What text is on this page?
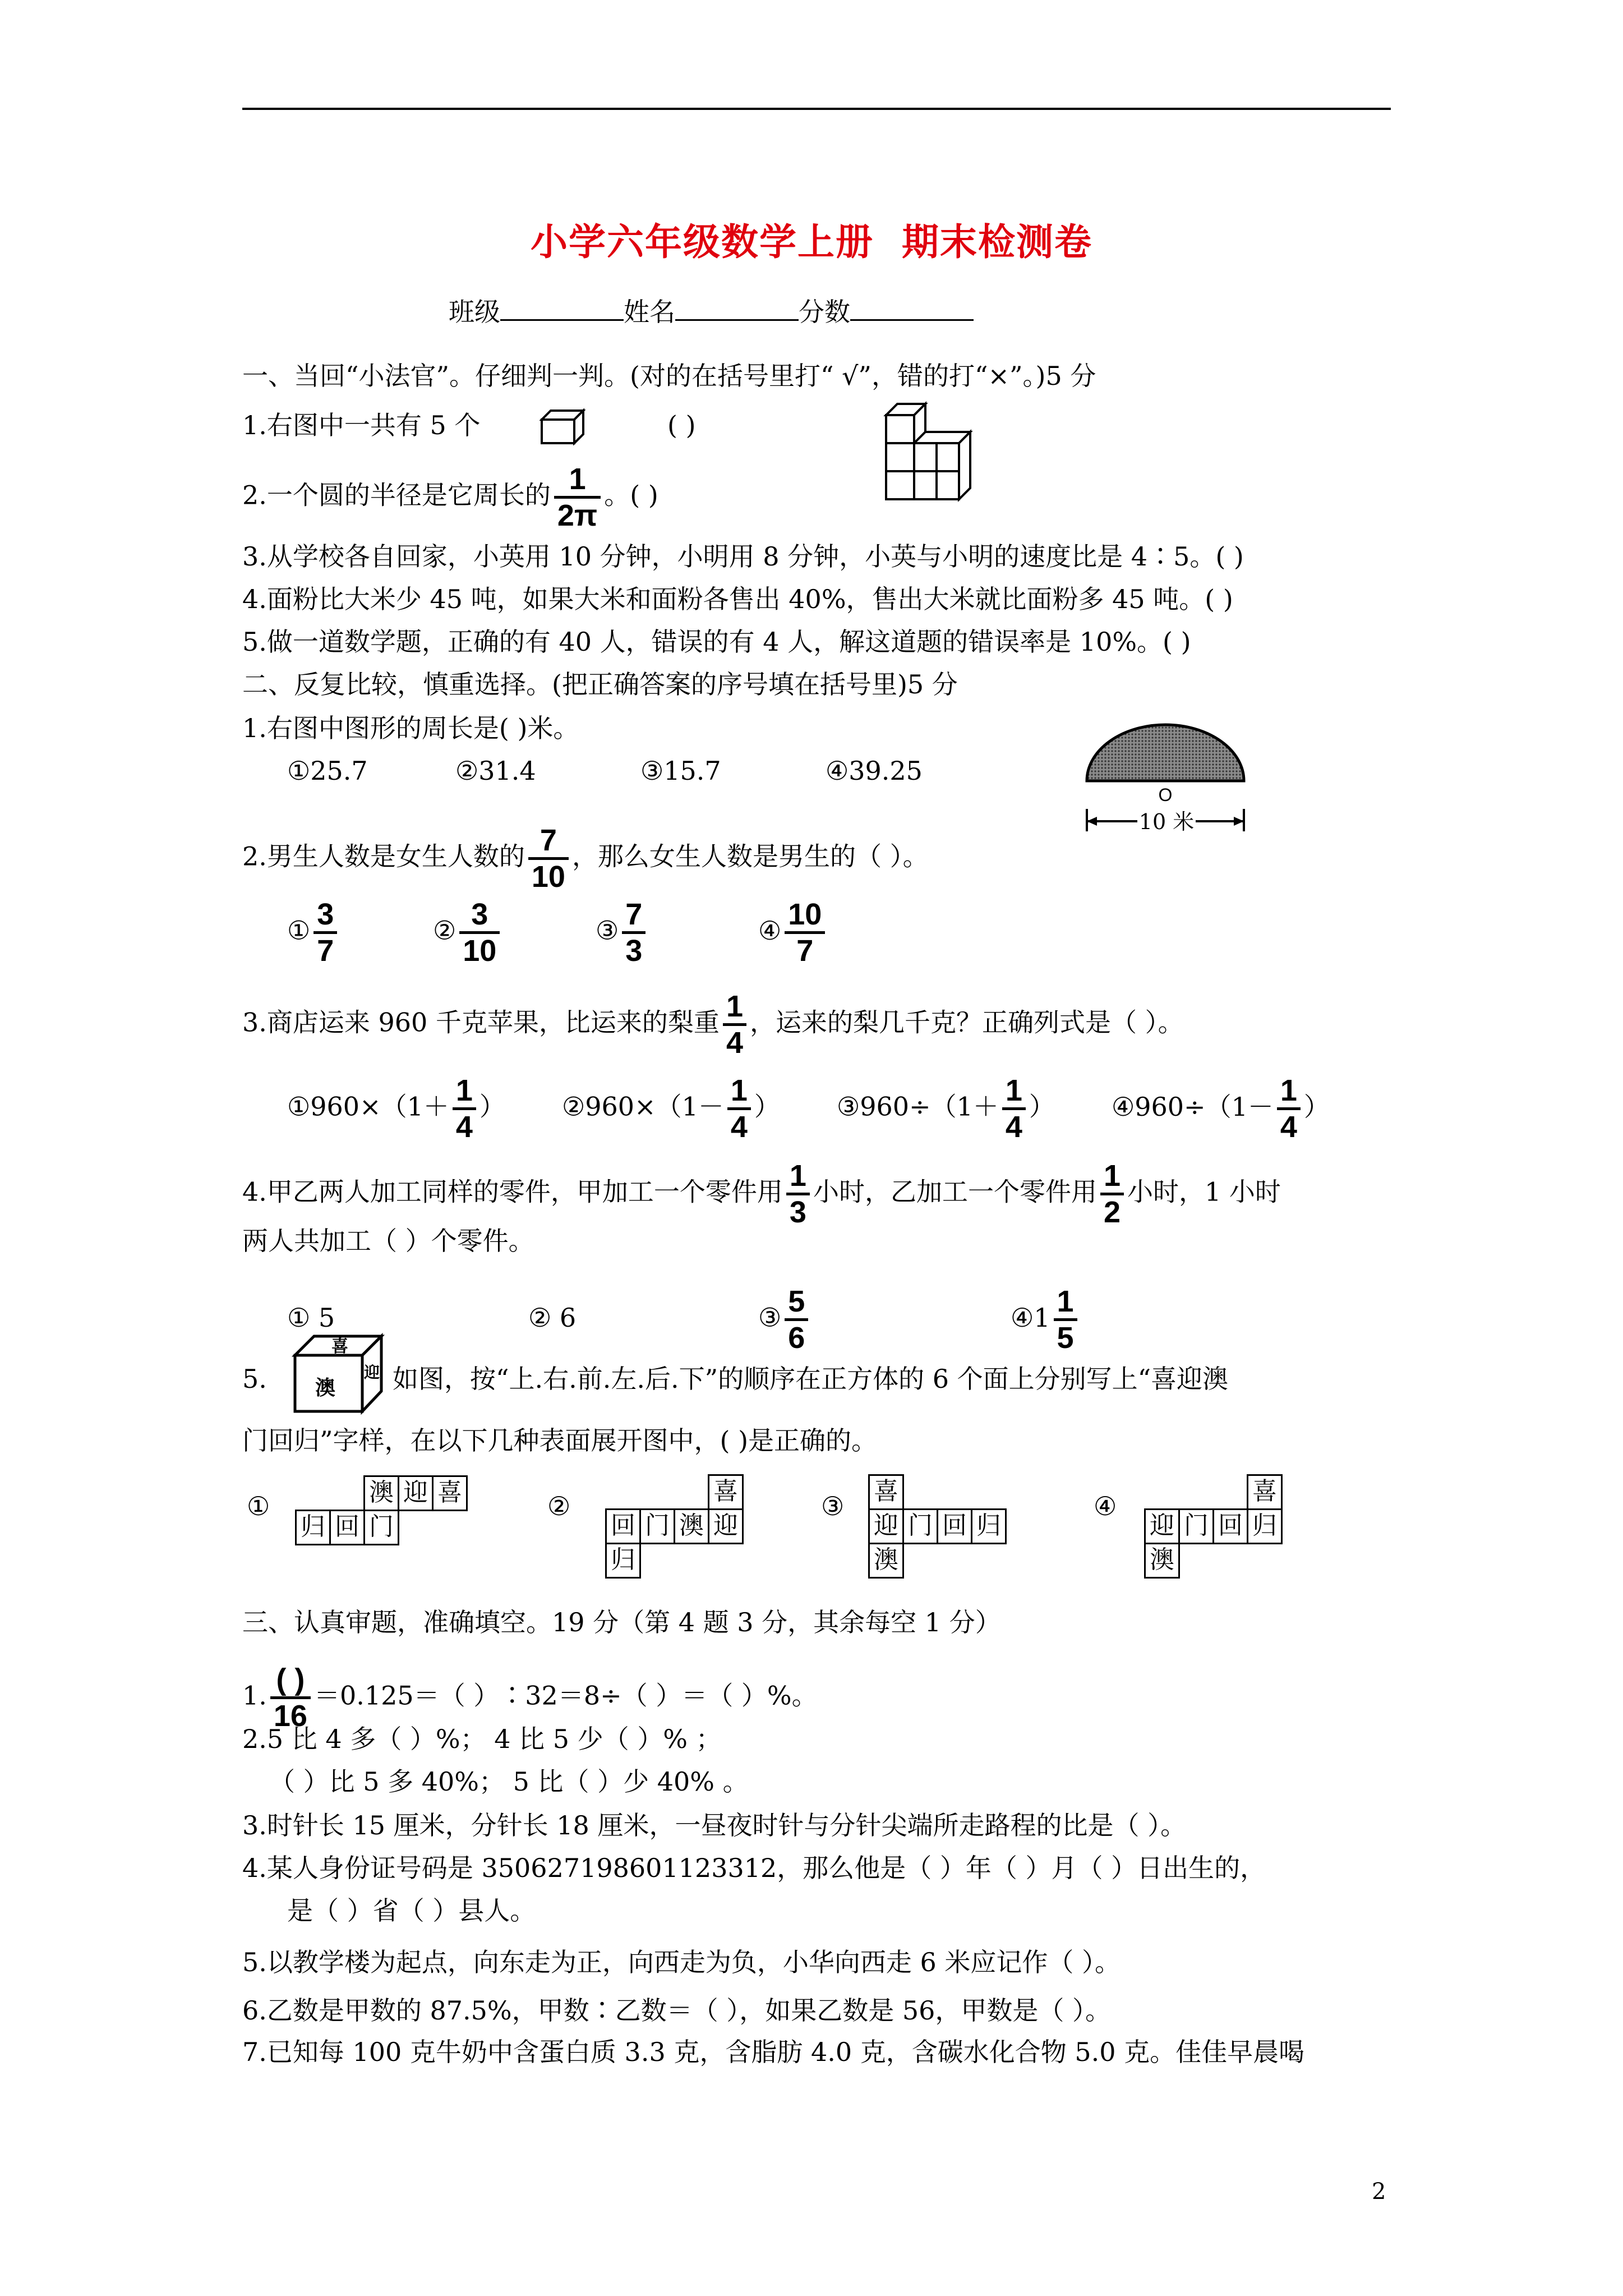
小学六年级数学上册  期末检测卷
班级	姓名	分数
一、当回“小法官”。仔细判一判。(对的在括号里打“ √”，错的打“×”。)5 分
1.右图中一共有 5 个	( )
2.一个圆的半径是它周长的 $\frac{1}{2\pi}$ 。( )
3.从学校各自回家，小英用 10 分钟，小明用 8 分钟，小英与小明的速度比是 4∶5。( )
4.面粉比大米少 45 吨，如果大米和面粉各售出 40%，售出大米就比面粉多 45 吨。( )
5.做一道数学题，正确的有 40 人，错误的有 4 人，解这道题的错误率是 10%。( )
二、反复比较，慎重选择。(把正确答案的序号填在括号里)5 分
1.右图中图形的周长是( )米。
①25.7	②31.4	③15.7	④39.25
O
10 米
2.男生人数是女生人数的 $\frac{7}{10}$ ，那么女生人数是男生的（ ）。
① $\frac{3}{7}$	② $\frac{3}{10}$	③ $\frac{7}{3}$	④ $\frac{10}{7}$
3.商店运来 960 千克苹果，比运来的梨重 $\frac{1}{4}$ ，运来的梨几千克？正确列式是（ ）。
①960×（1＋ $\frac{1}{4}$ ） ②960×（1－ $\frac{1}{4}$ ） ③960÷（1＋ $\frac{1}{4}$ ） ④960÷（1－ $\frac{1}{4}$ ）
4.甲乙两人加工同样的零件，甲加工一个零件用 $\frac{1}{3}$ 小时，乙加工一个零件用 $\frac{1}{2}$ 小时，1 小时
两人共加工（ ）个零件。
① 5	② 6	③ $\frac{5}{6}$	④1 $\frac{1}{5}$
5.
喜
迎
澳 如图，按“上.右.前.左.后.下”的顺序在正方体的 6 个面上分别写上“喜迎澳
门回归”字样，在以下几种表面展开图中，( )是正确的。
①	澳 迎 喜
归 回 门
②	喜
回 门 澳 迎
归
③ 喜
迎 门 回 归
澳
④	喜
迎 门 回 归
澳
三、认真审题，准确填空。19 分（第 4 题 3 分，其余每空 1 分）
1. $\frac{( )}{16} =0.125=$（ ）∶32＝8÷（ ）＝（ ）%。
2.5 比 4 多（ ）%； 4 比 5 少（ ）% ；
（ ）比 5 多 40%； 5 比（ ）少 40% 。
3.时针长 15 厘米，分针长 18 厘米，一昼夜时针与分针尖端所走路程的比是（ ）。
4.某人身份证号码是 350627198601123312，那么他是（ ）年（ ）月（ ）日出生的，
是（ ）省（ ）县人。
5.以教学楼为起点，向东走为正，向西走为负，小华向西走 6 米应记作（ ）。
6.乙数是甲数的 87.5%，甲数∶乙数＝（ ），如果乙数是 56，甲数是（ ）。
7.已知每 100 克牛奶中含蛋白质 3.3 克，含脂肪 4.0 克，含碳水化合物 5.0 克。佳佳早晨喝
2
